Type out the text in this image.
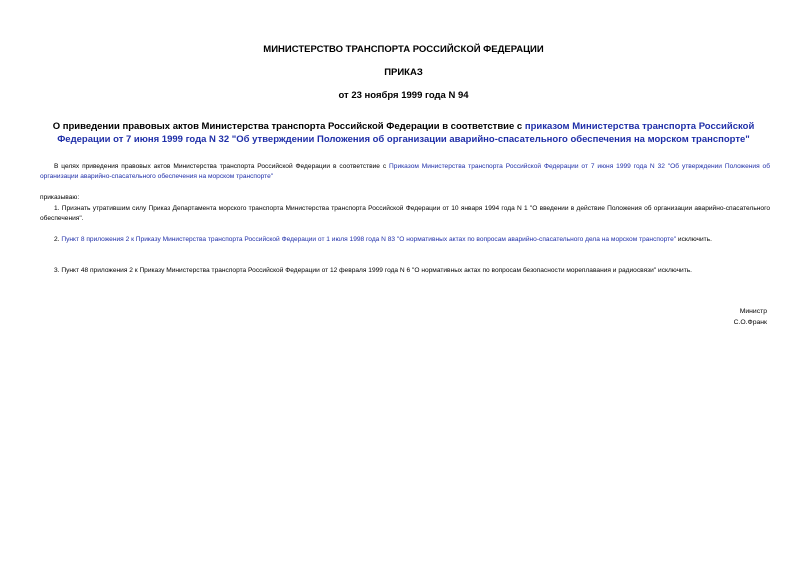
МИНИСТЕРСТВО ТРАНСПОРТА РОССИЙСКОЙ ФЕДЕРАЦИИ
ПРИКАЗ
от 23 ноября 1999 года N 94
О приведении правовых актов Министерства транспорта Российской Федерации в соответствие с приказом Министерства транспорта Российской Федерации от 7 июня 1999 года N 32 "Об утверждении Положения об организации аварийно-спасательного обеспечения на морском транспорте"
В целях приведения правовых актов Министерства транспорта Российской Федерации в соответствие с Приказом Министерства транспорта Российской Федерации от 7 июня 1999 года N 32 "Об утверждении Положения об организации аварийно-спасательного обеспечения на морском транспорте"
приказываю:
1. Признать утратившим силу Приказ Департамента морского транспорта Министерства транспорта Российской Федерации от 10 января 1994 года N 1 "О введении в действие Положения об организации аварийно-спасательного обеспечения".
2. Пункт 8 приложения 2 к Приказу Министерства транспорта Российской Федерации от 1 июля 1998 года N 83 "О нормативных актах по вопросам аварийно-спасательного дела на морском транспорте" исключить.
3. Пункт 48 приложения 2 к Приказу Министерства транспорта Российской Федерации от 12 февраля 1999 года N 6 "О нормативных актах по вопросам безопасности мореплавания и радиосвязи" исключить.
Министр
С.О.Франк
